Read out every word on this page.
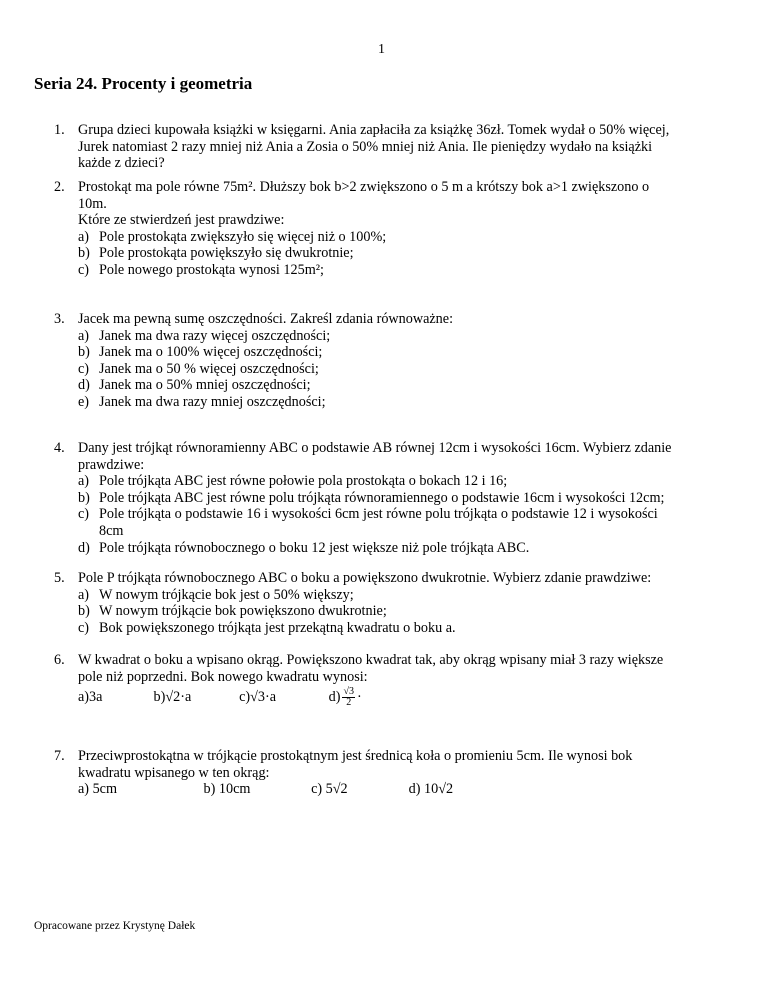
1
Seria 24. Procenty i geometria
1. Grupa dzieci kupowała książki w księgarni. Ania zapłaciła za książkę 36zł. Tomek wydał o 50% więcej,
Jurek natomiast 2 razy mniej niż Ania a Zosia o 50% mniej niż Ania. Ile pieniędzy wydało na książki
każde z dzieci?
2. Prostokąt ma pole równe 75m². Dłuższy bok b>2 zwiększono o 5 m a krótszy bok a>1 zwiększono o
10m.
Które ze stwierdzeń jest prawdziwe:
a) Pole prostokąta zwiększyło się więcej niż o 100%;
b) Pole prostokąta powiększyło się dwukrotnie;
c) Pole nowego prostokąta wynosi 125m²;
3. Jacek ma pewną sumę oszczędności. Zakreśl zdania równoważne:
a) Janek ma dwa razy więcej oszczędności;
b) Janek ma o 100% więcej oszczędności;
c) Janek ma o 50 % więcej oszczędności;
d) Janek ma o 50% mniej oszczędności;
e) Janek ma dwa razy mniej oszczędności;
4. Dany jest trójkąt równoramienny ABC o podstawie AB równej 12cm i wysokości 16cm. Wybierz zdanie
prawdziwe:
a) Pole trójkąta ABC jest równe połowie pola prostokąta o bokach 12 i 16;
b) Pole trójkąta ABC jest równe polu trójkąta równoramiennego o podstawie 16cm i wysokości 12cm;
c) Pole trójkąta o podstawie 16 i wysokości 6cm jest równe polu trójkąta o podstawie 12 i wysokości
8cm
d) Pole trójkąta równobocznego o boku 12 jest większe niż pole trójkąta ABC.
5. Pole P trójkąta równobocznego ABC o boku a powiększono dwukrotnie. Wybierz zdanie prawdziwe:
a) W nowym trójkącie bok jest o 50% większy;
b) W nowym trójkącie bok powiększono dwukrotnie;
c) Bok powiększonego trójkąta jest przekątną kwadratu o boku a.
6. W kwadrat o boku a wpisano okrąg. Powiększono kwadrat tak, aby okrąg wpisany miał 3 razy większe
pole niż poprzedni. Bok nowego kwadratu wynosi:
a)3a	b)√2·a	c)√3·a	$d) \frac{√3}{2}$ ·
7. Przeciwprostokątna w trójkącie prostokątnym jest średnicą koła o promieniu 5cm. Ile wynosi bok
kwadratu wpisanego w ten okrąg:
a) 5cm	b) 10cm	c) 5√2	d) 10√2
Opracowane przez Krystynę Dałek
